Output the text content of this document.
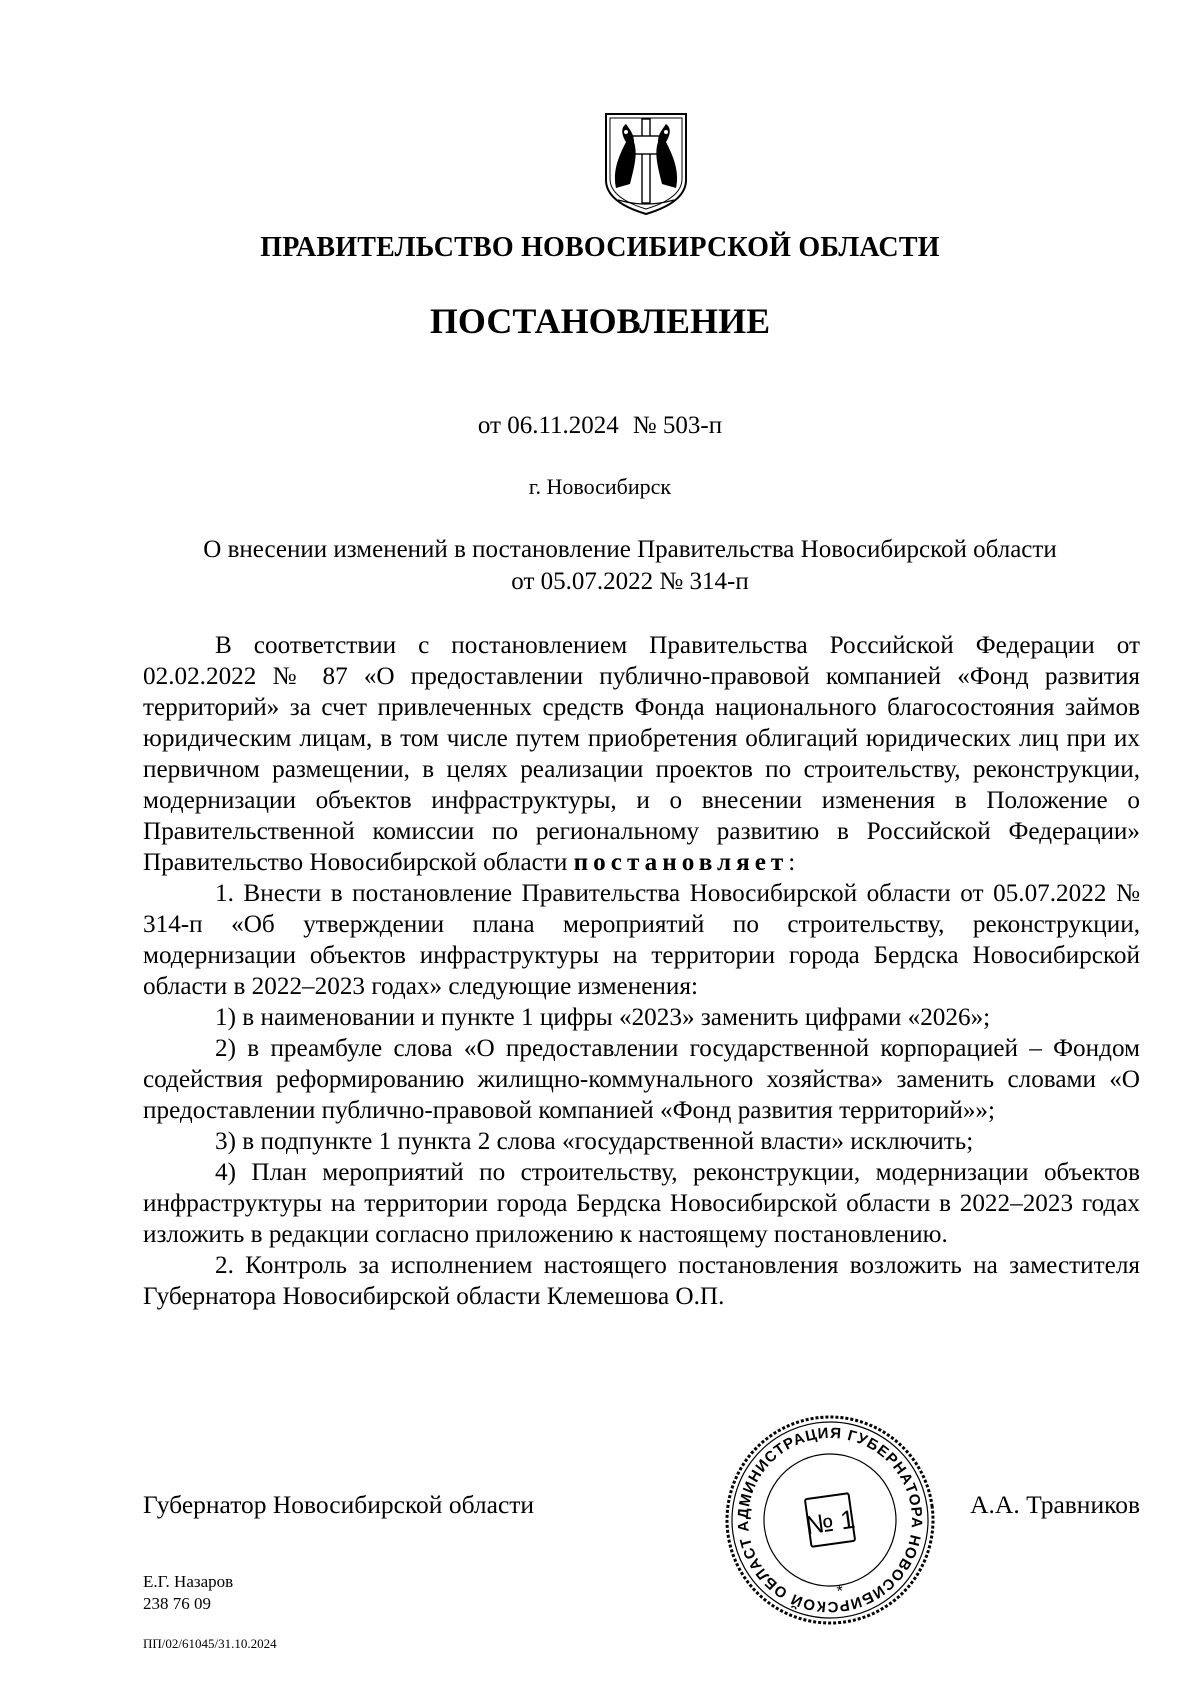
ПРАВИТЕЛЬСТВО НОВОСИБИРСКОЙ ОБЛАСТИ
ПОСТАНОВЛЕНИЕ
от 06.11.2024 № 503-п
г. Новосибирск
О внесении изменений в постановление Правительства Новосибирской области
от 05.07.2022 № 314-п

В соответствии с постановлением Правительства Российской Федерации от 02.02.2022 № 87 «О предоставлении публично-правовой компанией «Фонд развития территорий» за счет привлеченных средств Фонда национального благосостояния займов юридическим лицам, в том числе путем приобретения облигаций юридических лиц при их первичном размещении, в целях реализации проектов по строительству, реконструкции, модернизации объектов инфраструктуры, и о внесении изменения в Положение о Правительственной комиссии по региональному развитию в Российской Федерации» Правительство Новосибирской области постановляет:

1. Внести в постановление Правительства Новосибирской области от 05.07.2022 № 314-п «Об утверждении плана мероприятий по строительству, реконструкции, модернизации объектов инфраструктуры на территории города Бердска Новосибирской области в 2022–2023 годах» следующие изменения:

1) в наименовании и пункте 1 цифры «2023» заменить цифрами «2026»;

2) в преамбуле слова «О предоставлении государственной корпорацией – Фондом содействия реформированию жилищно-коммунального хозяйства» заменить словами «О предоставлении публично-правовой компанией «Фонд развития территорий»»;

3) в подпункте 1 пункта 2 слова «государственной власти» исключить;

4) План мероприятий по строительству, реконструкции, модернизации объектов инфраструктуры на территории города Бердска Новосибирской области в 2022–2023 годах изложить в редакции согласно приложению к настоящему постановлению.

2. Контроль за исполнением настоящего постановления возложить на заместителя Губернатора Новосибирской области Клемешова О.П.

Губернатор Новосибирской области	А.А. Травников
АДМИНИСТРАЦИЯ ГУБЕРНАТОРА НОВОСИБИРСКОЙ ОБЛАСТИ
№ 1
*
Е.Г. Назаров
238 76 09
ПП/02/61045/31.10.2024
